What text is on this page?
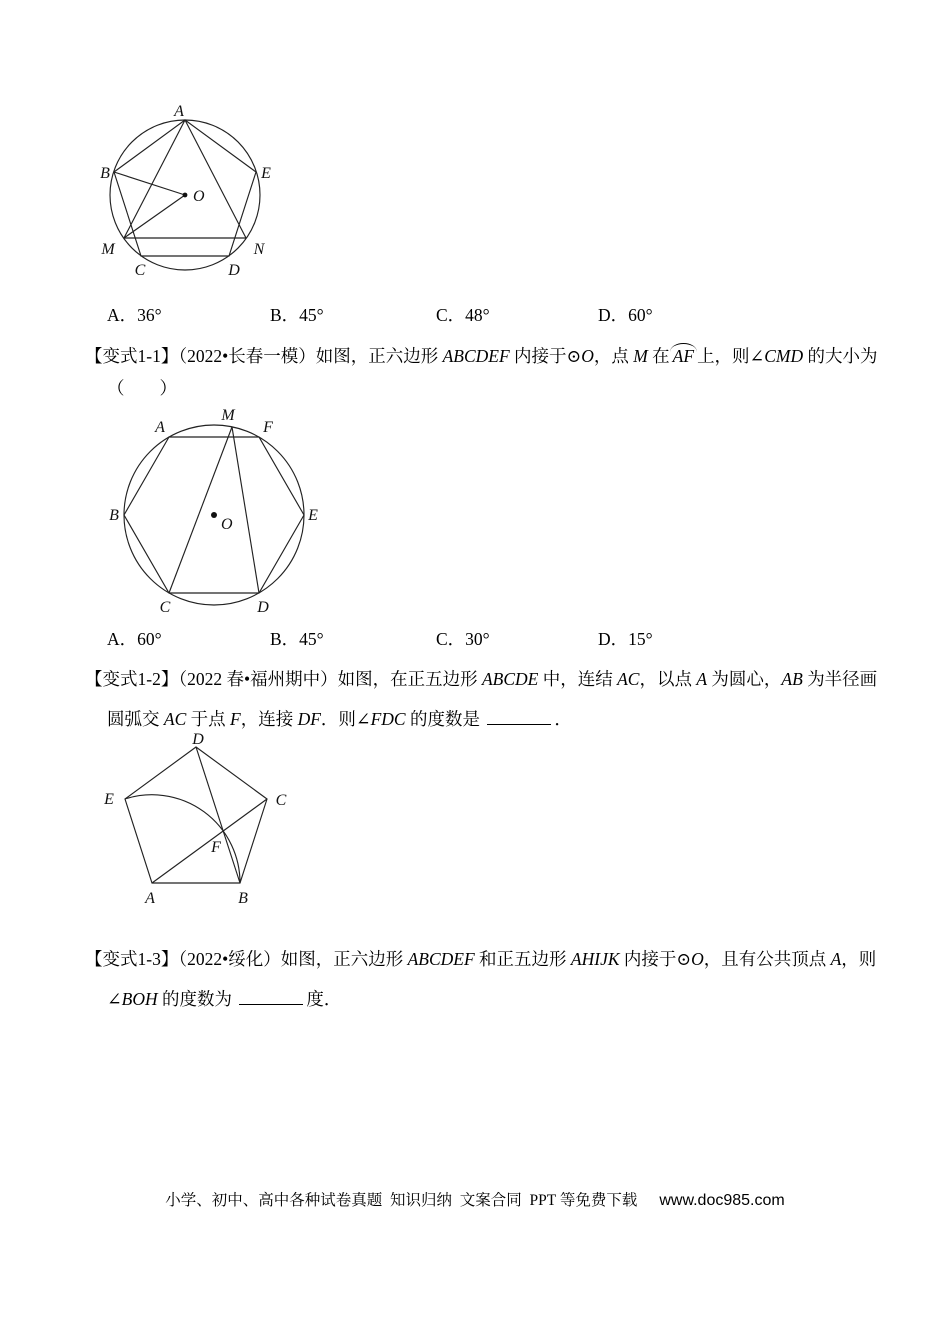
A
B
C	D
E
M	N
O
A．36°	B．45°	C．48°	D．60°
【变式1-1】（2022•长春一模）如图，正六边形 ABCDEF 内接于⊙O，点 M 在 AF 上，则∠CMD 的大小为
（　　）
M
A	F
B	E
C	D
O
A．60°	B．45°	C．30°	D．15°
【变式1-2】（2022 春•福州期中）如图，在正五边形 ABCDE 中，连结 AC，以点 A 为圆心，AB 为半径画
圆弧交 AC 于点 F，连接 DF．则∠FDC 的度数是	．
D
E	C
F
A	B
【变式1-3】（2022•绥化）如图，正六边形 ABCDEF 和正五边形 AHIJK 内接于⊙O，且有公共顶点 A，则
∠BOH 的度数为	度．
小学、初中、高中各种试卷真题  知识归纳  文案合同  PPT 等免费下载 www.doc985.com
